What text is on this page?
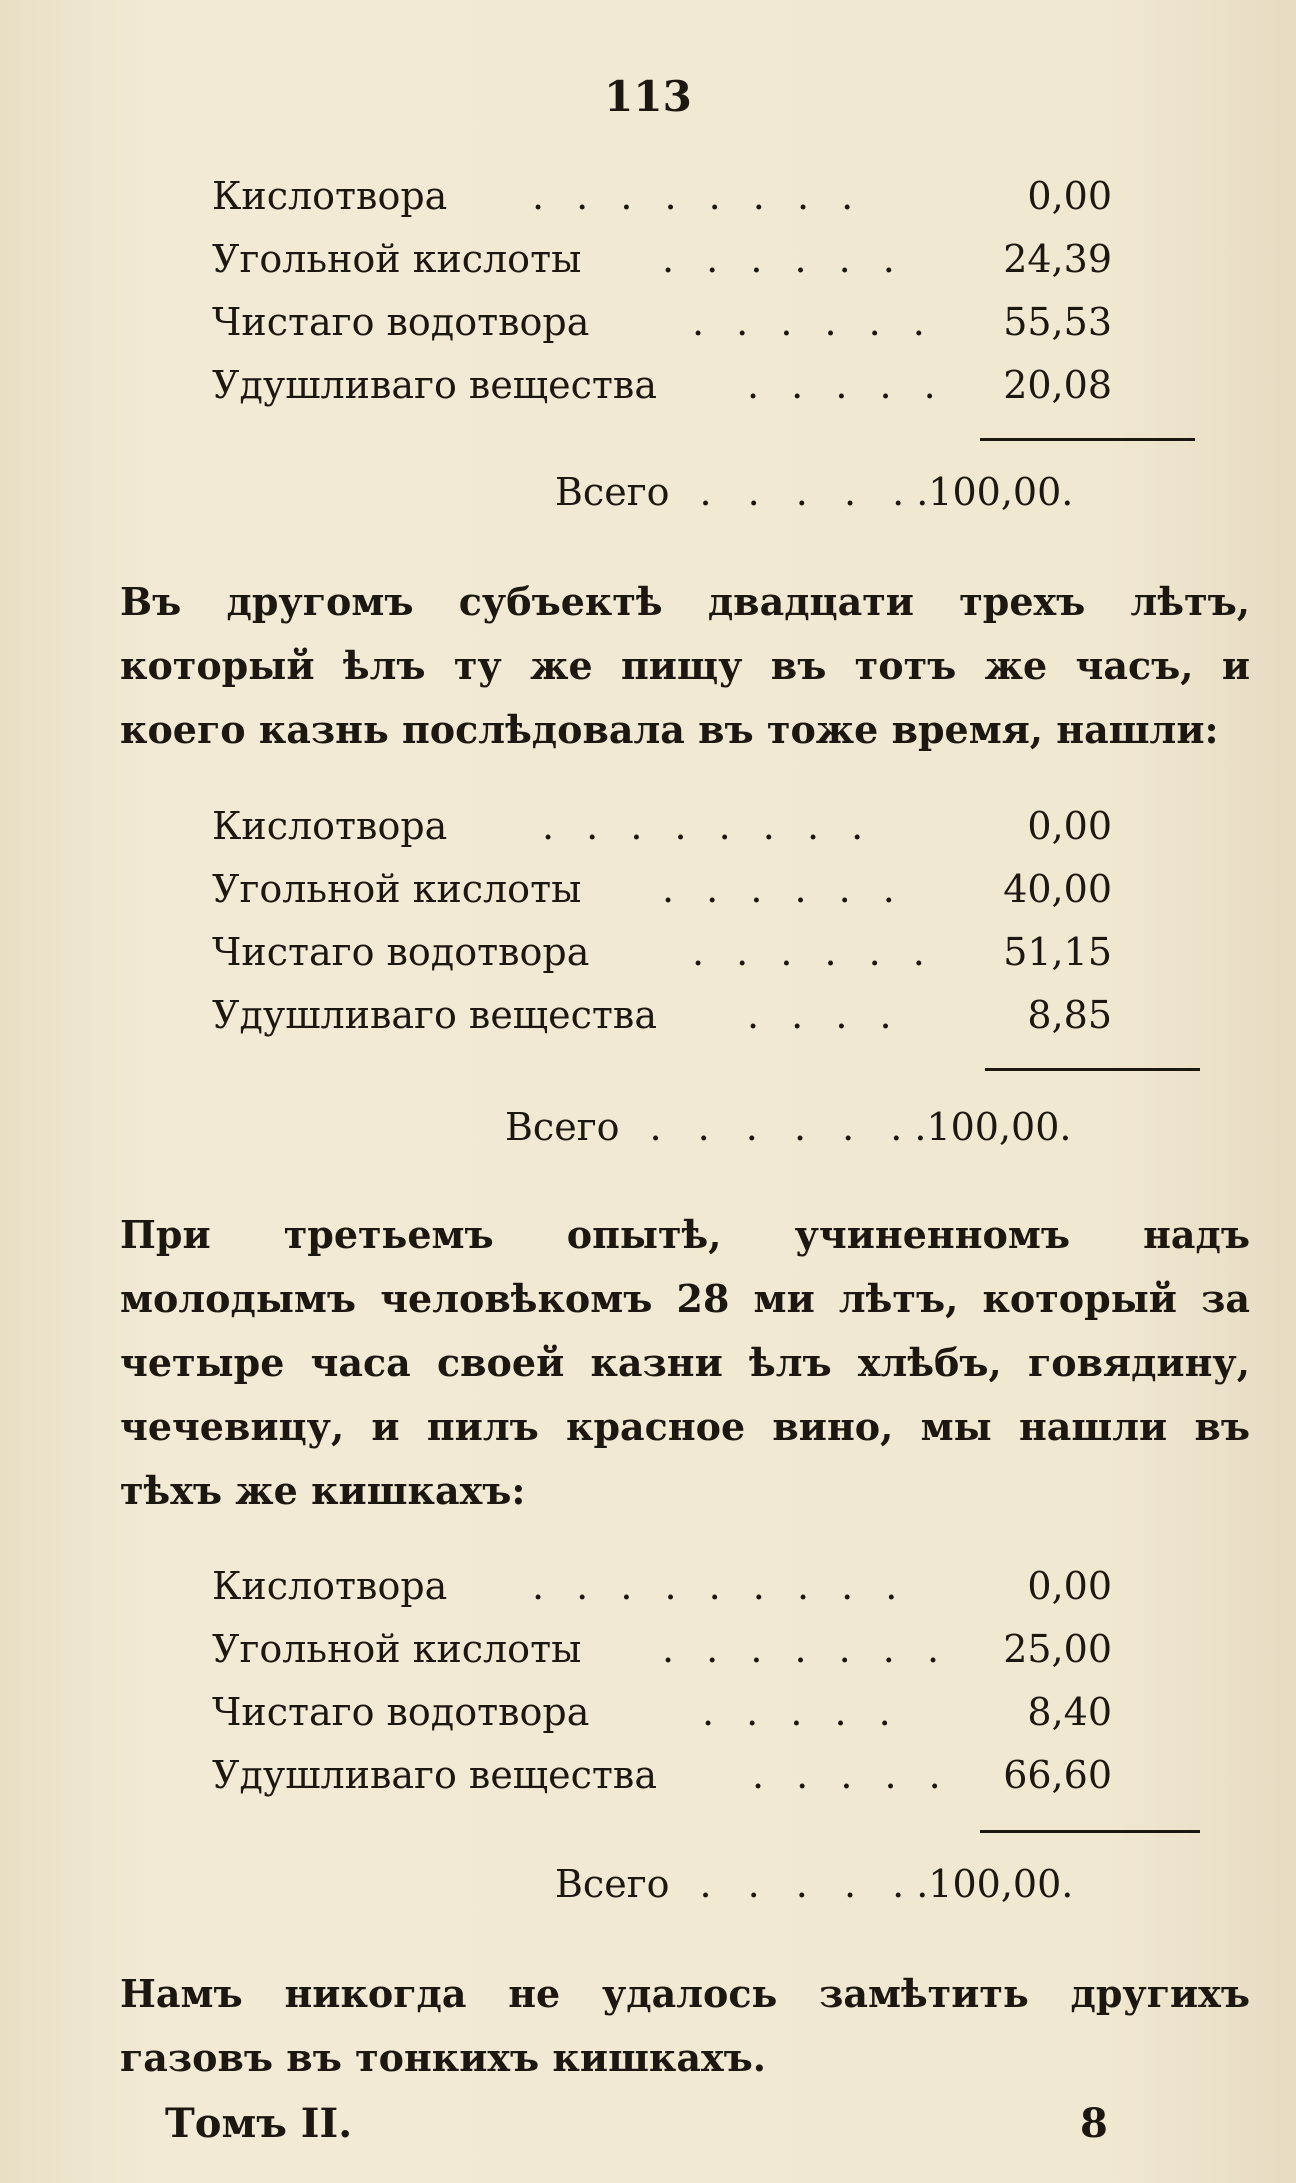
113
Кислотвора . . . . . . . .	0,00
Угольной кислоты . . . . . .	24,39
Чистаго водотвора	. . . . . . 55,53
Удушливаго вещества . . . . . 20,08
Всего . . . . ..100,00.
Въ другомъ субъектѣ двадцати трехъ лѣтъ, который ѣлъ ту же пищу въ тотъ же часъ, и коего казнь послѣдовала въ тоже время, нашли:
Кислотвора . . . . . . . .	0,00
Угольной кислоты . . . . . .	40,00
Чистаго водотвора	. . . . . . 51,15
Удушливаго вещества . . . .	8,85
Всего . . . . . ..100,00.
При третьемъ опытѣ, учиненномъ надъ молодымъ человѣкомъ 28 ми лѣтъ, который за четыре часа своей казни ѣлъ хлѣбъ, говядину, чечевицу, и пилъ красное вино, мы нашли въ тѣхъ же кишкахъ:
Кислотвора . . . . . . . . .	0,00
Угольной кислоты . . . . . . . 25,00
Чистаго водотвора	. . . . .	8,40
Удушливаго вещества	. . . . . 66,60
Всего . . . . ..100,00.
Намъ никогда не удалось замѣтить другихъ газовъ въ тонкихъ кишкахъ.
Томъ II.	8
